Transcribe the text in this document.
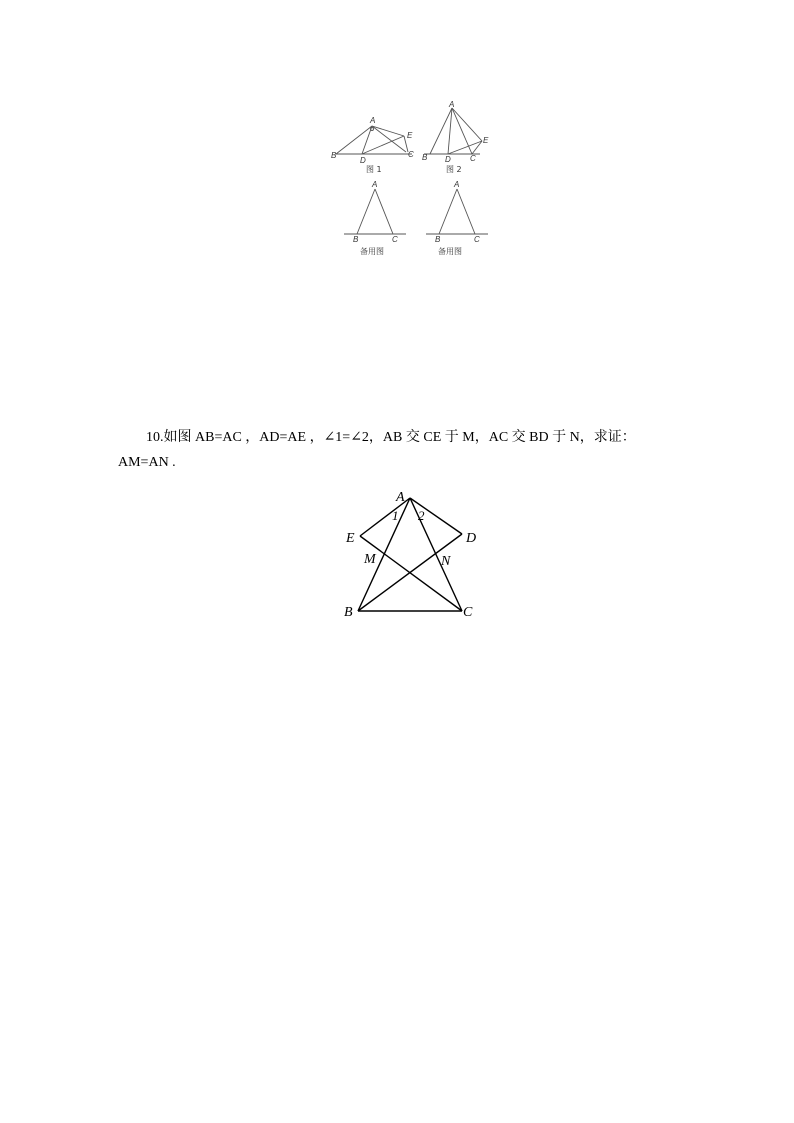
A
B	C
D
E
图 1
A
B	C
D
E
图 2
A
B	C
备用图
A
B	C
备用图
10.如图 AB=AC ，AD=AE ，∠1=∠2，AB 交 CE 于 M，AC 交 BD 于 N，求证：
AM=AN .
A
1 2
E	D
M	N
B	C
